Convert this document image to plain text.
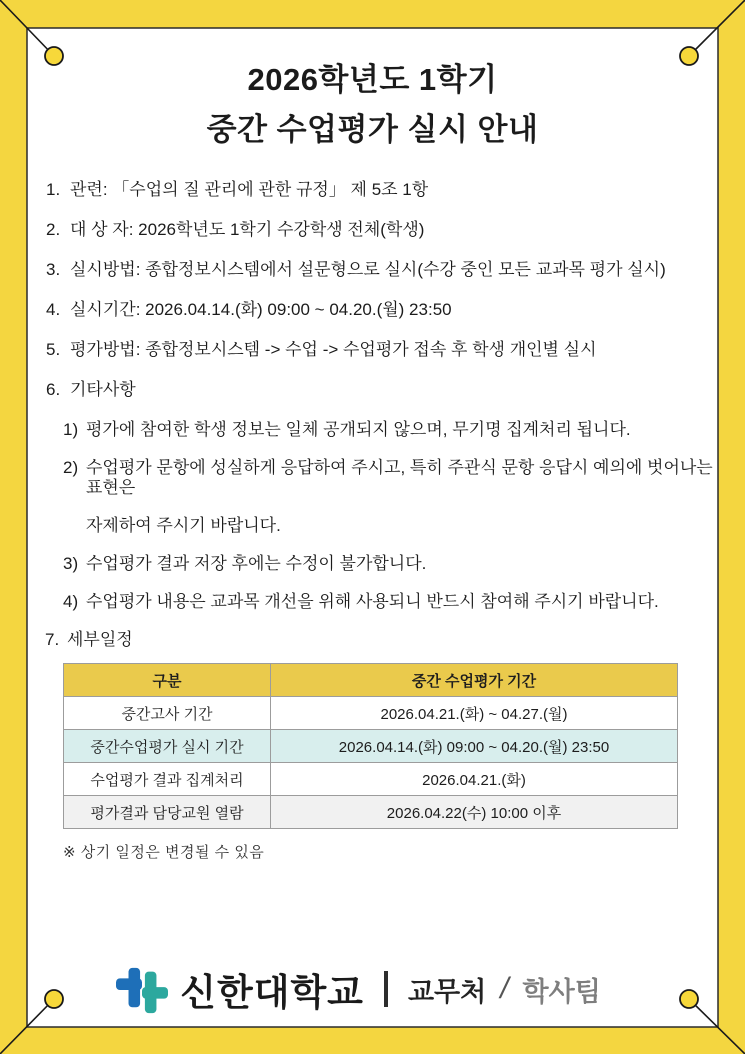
2026학년도 1학기
중간 수업평가 실시 안내
1. 관련: 「수업의 질 관리에 관한 규정」 제 5조 1항
2. 대 상 자: 2026학년도 1학기 수강학생 전체(학생)
3. 실시방법: 종합정보시스템에서 설문형으로 실시(수강 중인 모든 교과목 평가 실시)
4. 실시기간: 2026.04.14.(화) 09:00 ~ 04.20.(월) 23:50
5. 평가방법: 종합정보시스템 -> 수업 -> 수업평가 접속 후 학생 개인별 실시
6. 기타사항
1) 평가에 참여한 학생 정보는 일체 공개되지 않으며, 무기명 집계처리 됩니다.
2) 수업평가 문항에 성실하게 응답하여 주시고, 특히 주관식 문항 응답시 예의에 벗어나는 표현은
자제하여 주시기 바랍니다.
3) 수업평가 결과 저장 후에는 수정이 불가합니다.
4) 수업평가 내용은 교과목 개선을 위해 사용되니 반드시 참여해 주시기 바랍니다.
7. 세부일정
구분	중간 수업평가 기간
중간고사 기간	2026.04.21.(화) ~ 04.27.(월)
중간수업평가 실시 기간	2026.04.14.(화) 09:00 ~ 04.20.(월) 23:50
수업평가 결과 집계처리	2026.04.21.(화)
평가결과 담당교원 열람	2026.04.22(수) 10:00 이후
※ 상기 일정은 변경될 수 있음
신한대학교 교무처 / 학사팀
